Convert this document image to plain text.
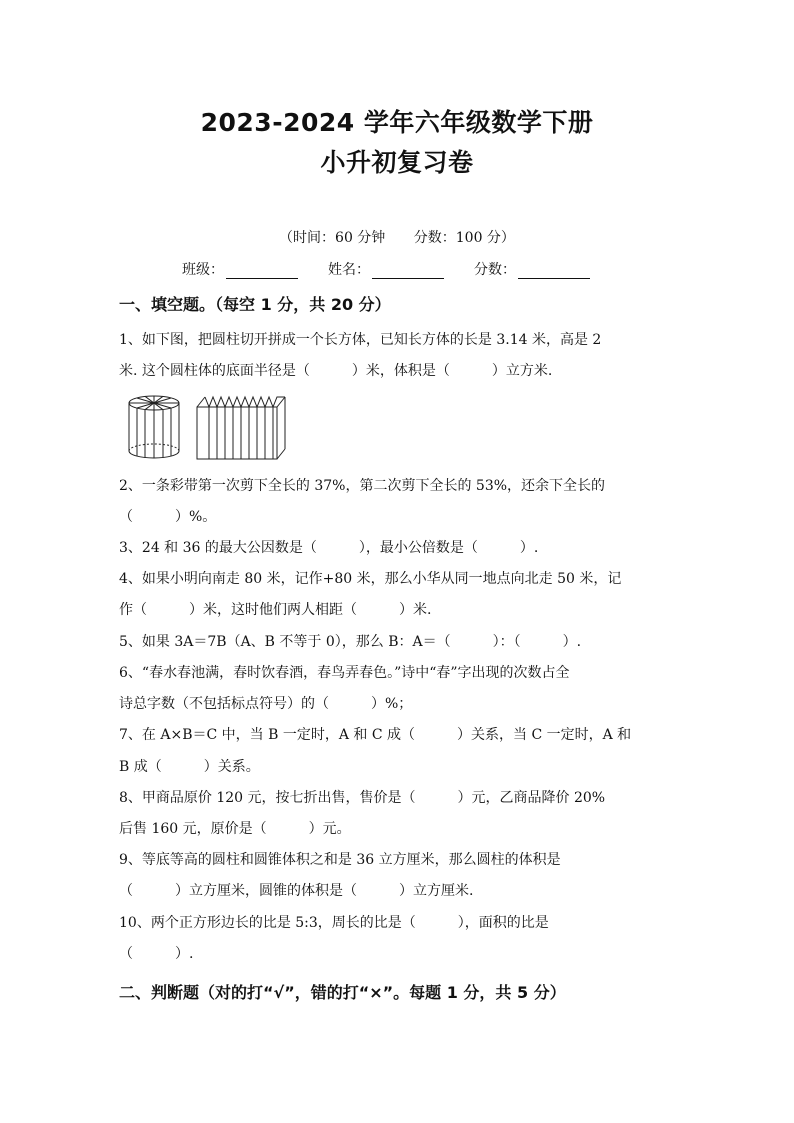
2023-2024 学年六年级数学下册
小升初复习卷
（时间：60 分钟 分数：100 分）
班级：	姓名：	分数：
一、填空题。（每空 1 分，共 20 分）
1、如下图，把圆柱切开拼成一个长方体，已知长方体的长是 3.14 米，高是 2
米. 这个圆柱体的底面半径是（　　　）米，体积是（　　　）立方米.
2、一条彩带第一次剪下全长的 37%，第二次剪下全长的 53%，还余下全长的
（　　　）%。
3、24 和 36 的最大公因数是（　　　），最小公倍数是（　　　）.
4、如果小明向南走 80 米，记作+80 米，那么小华从同一地点向北走 50 米，记
作（　　　）米，这时他们两人相距（　　　）米.
5、如果 3A＝7B（A、B 不等于 0），那么 B：A＝（　　　）：（　　　）.
6、“春水春池满，春时饮春酒，春鸟弄春色。”诗中“春”字出现的次数占全
诗总字数（不包括标点符号）的（　　　）%；
7、在 A×B＝C 中，当 B 一定时，A 和 C 成（　　　）关系，当 C 一定时，A 和
B 成（　　　）关系。
8、甲商品原价 120 元，按七折出售，售价是（　　　）元，乙商品降价 20%
后售 160 元，原价是（　　　）元。
9、等底等高的圆柱和圆锥体积之和是 36 立方厘米，那么圆柱的体积是
（　　　）立方厘米，圆锥的体积是（　　　）立方厘米.
10、两个正方形边长的比是 5:3，周长的比是（　　　），面积的比是
（　　　）.
二、判断题（对的打“√”，错的打“×”。每题 1 分，共 5 分）
